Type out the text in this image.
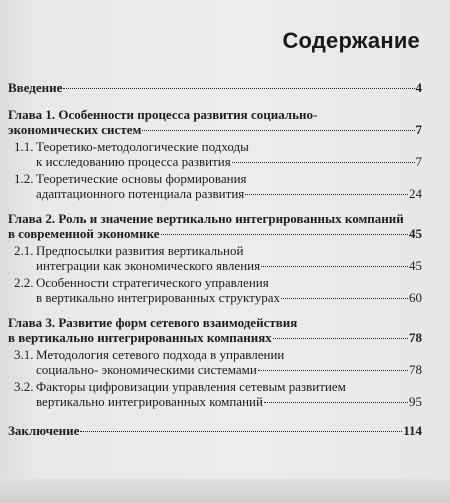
Содержание
Введение	4
Глава 1. Особенности процесса развития социально-
экономических систем	7
1.1. Теоретико-методологические подходы
к исследованию процесса развития	7
1.2. Теоретические основы формирования
адаптационного потенциала развития	24
Глава 2. Роль и значение вертикально интегрированных компаний
в современной экономике	45
2.1. Предпосылки развития вертикальной
интеграции как экономического явления	45
2.2. Особенности стратегического управления
в вертикально интегрированных структурах	60
Глава 3. Развитие форм сетевого взаимодействия
в вертикально интегрированных компаниях	78
3.1. Методология сетевого подхода в управлении
социально- экономическими системами	78
3.2. Факторы цифровизации управления сетевым развитием
вертикально интегрированных компаний	95
Заключение	114
